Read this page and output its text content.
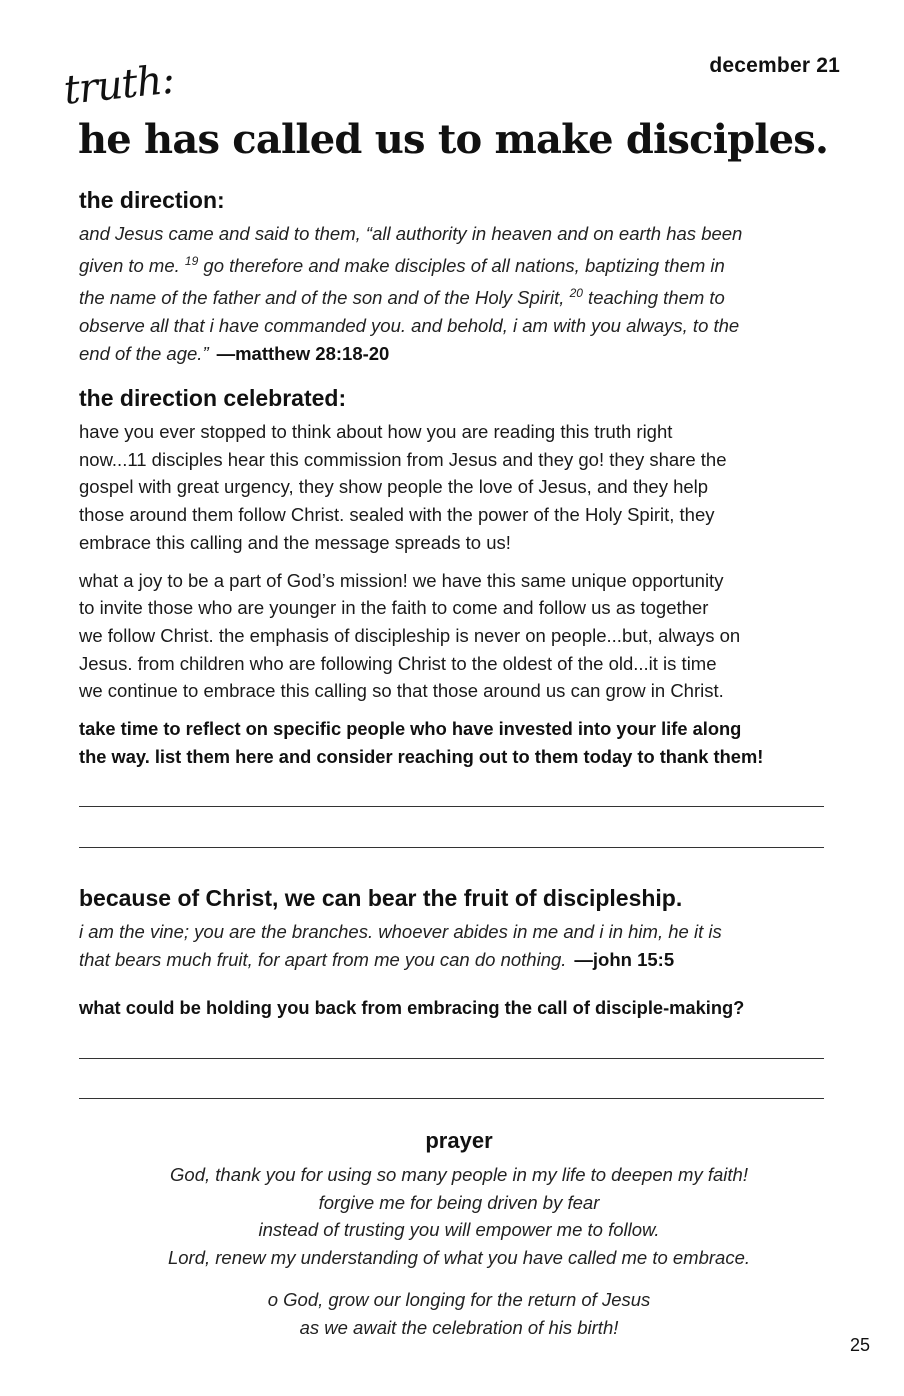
december 21
truth:
he has called us to make disciples.
the direction:

and Jesus came and said to them, “all authority in heaven and on earth has been
given to me. $^{19}$ go therefore and make disciples of all nations, baptizing them in
the name of the father and of the son and of the Holy Spirit, $^{20}$ teaching them to
observe all that i have commanded you. and behold, i am with you always, to the
end of the age.” —matthew 28:18-20

the direction celebrated:

have you ever stopped to think about how you are reading this truth right
now...11 disciples hear this commission from Jesus and they go! they share the
gospel with great urgency, they show people the love of Jesus, and they help
those around them follow Christ. sealed with the power of the Holy Spirit, they
embrace this calling and the message spreads to us!

what a joy to be a part of God’s mission! we have this same unique opportunity
to invite those who are younger in the faith to come and follow us as together
we follow Christ. the emphasis of discipleship is never on people...but, always on
Jesus. from children who are following Christ to the oldest of the old...it is time
we continue to embrace this calling so that those around us can grow in Christ.

take time to reflect on specific people who have invested into your life along
the way. list them here and consider reaching out to them today to thank them!

because of Christ, we can bear the fruit of discipleship.

i am the vine; you are the branches. whoever abides in me and i in him, he it is
that bears much fruit, for apart from me you can do nothing. —john 15:5

what could be holding you back from embracing the call of disciple-making?

prayer

God, thank you for using so many people in my life to deepen my faith!

forgive me for being driven by fear

instead of trusting you will empower me to follow.

Lord, renew my understanding of what you have called me to embrace.

o God, grow our longing for the return of Jesus

as we await the celebration of his birth!

25
